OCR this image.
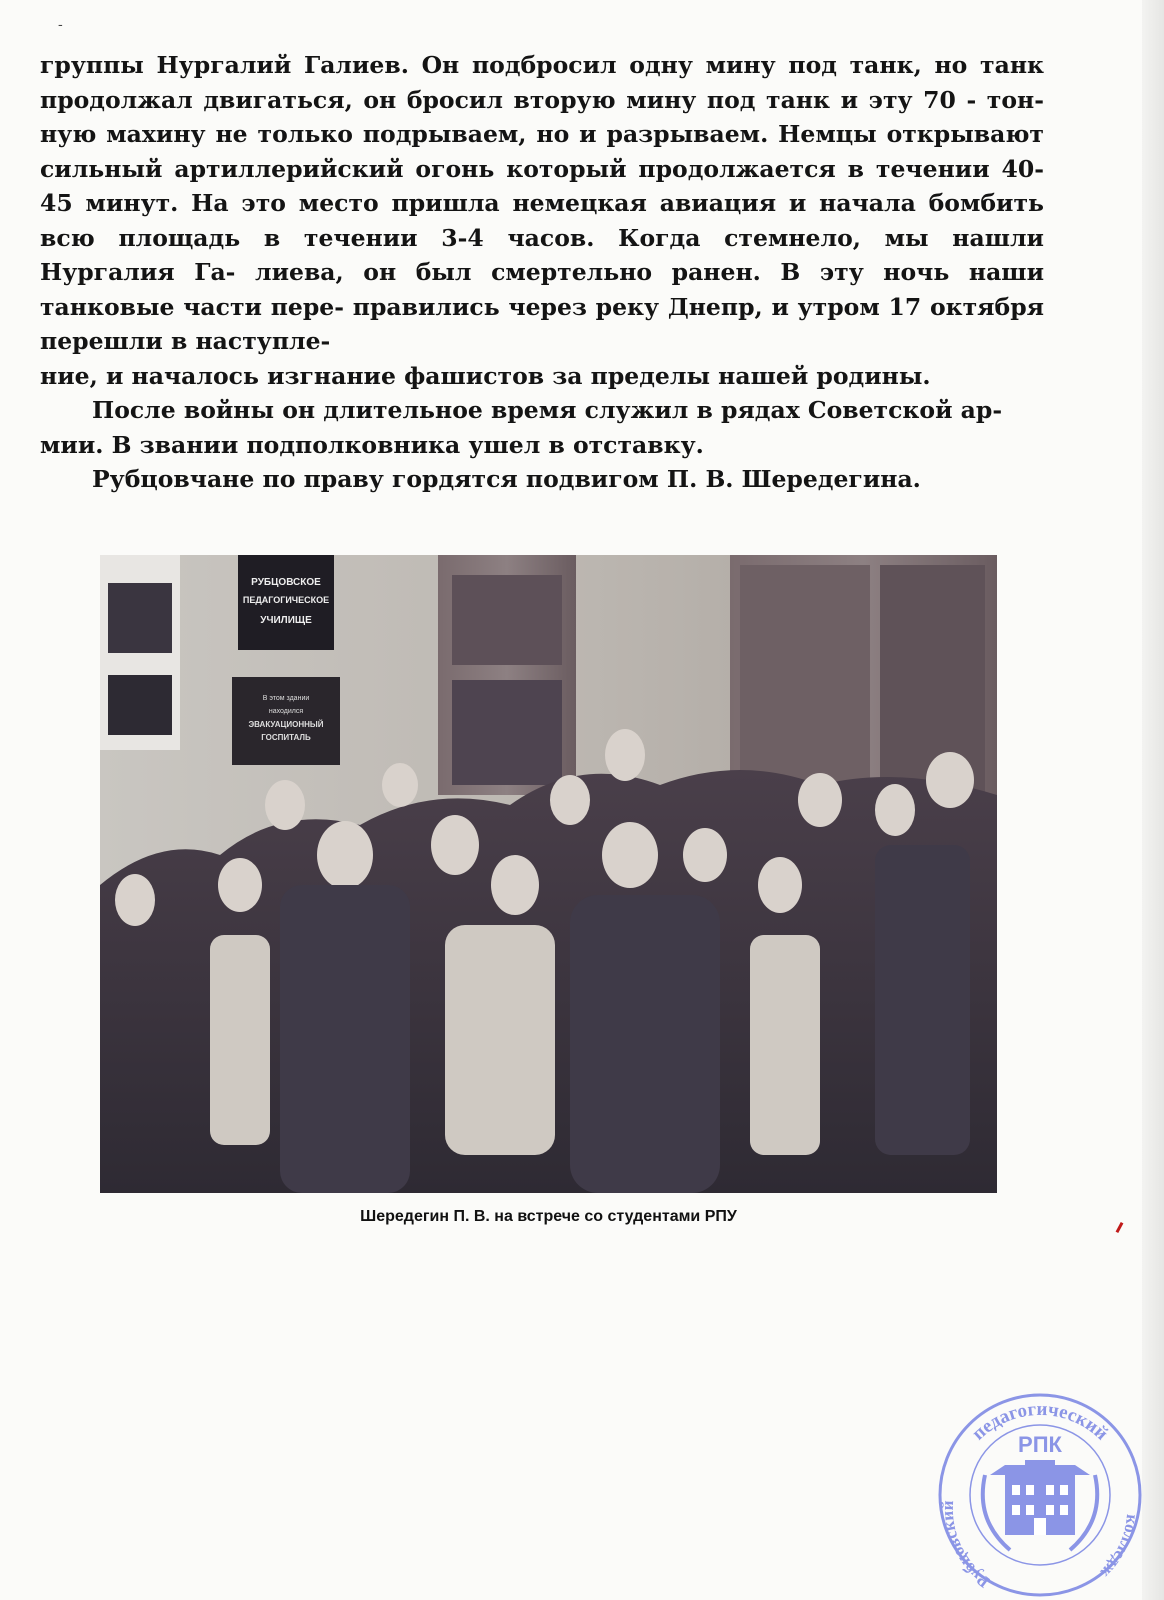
-

группы Нургалий Галиев. Он подбросил одну мину под танк, но танк продолжал двигаться, он бросил вторую мину под танк и эту 70 - тон- ную махину не только подрываем, но и разрываем. Немцы открывают сильный артиллерийский огонь который продолжается в течении 40-45 минут. На это место пришла немецкая авиация и начала бомбить всю площадь в течении 3-4 часов. Когда стемнело, мы нашли Нургалия Га- лиева, он был смертельно ранен. В эту ночь наши танковые части пере- правились через реку Днепр, и утром 17 октября перешли в наступле-
ние, и началось изгнание фашистов за пределы нашей родины.

После войны он длительное время служил в рядах Советской ар-
мии. В звании подполковника ушел в отставку.

Рубцовчане по праву гордятся подвигом П. В. Шередегина.

РУБЦОВСКОЕ
ПЕДАГОГИЧЕСКОЕ
УЧИЛИЩЕ
В этом здании
находился
ЭВАКУАЦИОННЫЙ
ГОСПИТАЛЬ
Шередегин П. В. на встрече со студентами РПУ
педагогический
Рубцовский
колледж
РПК
